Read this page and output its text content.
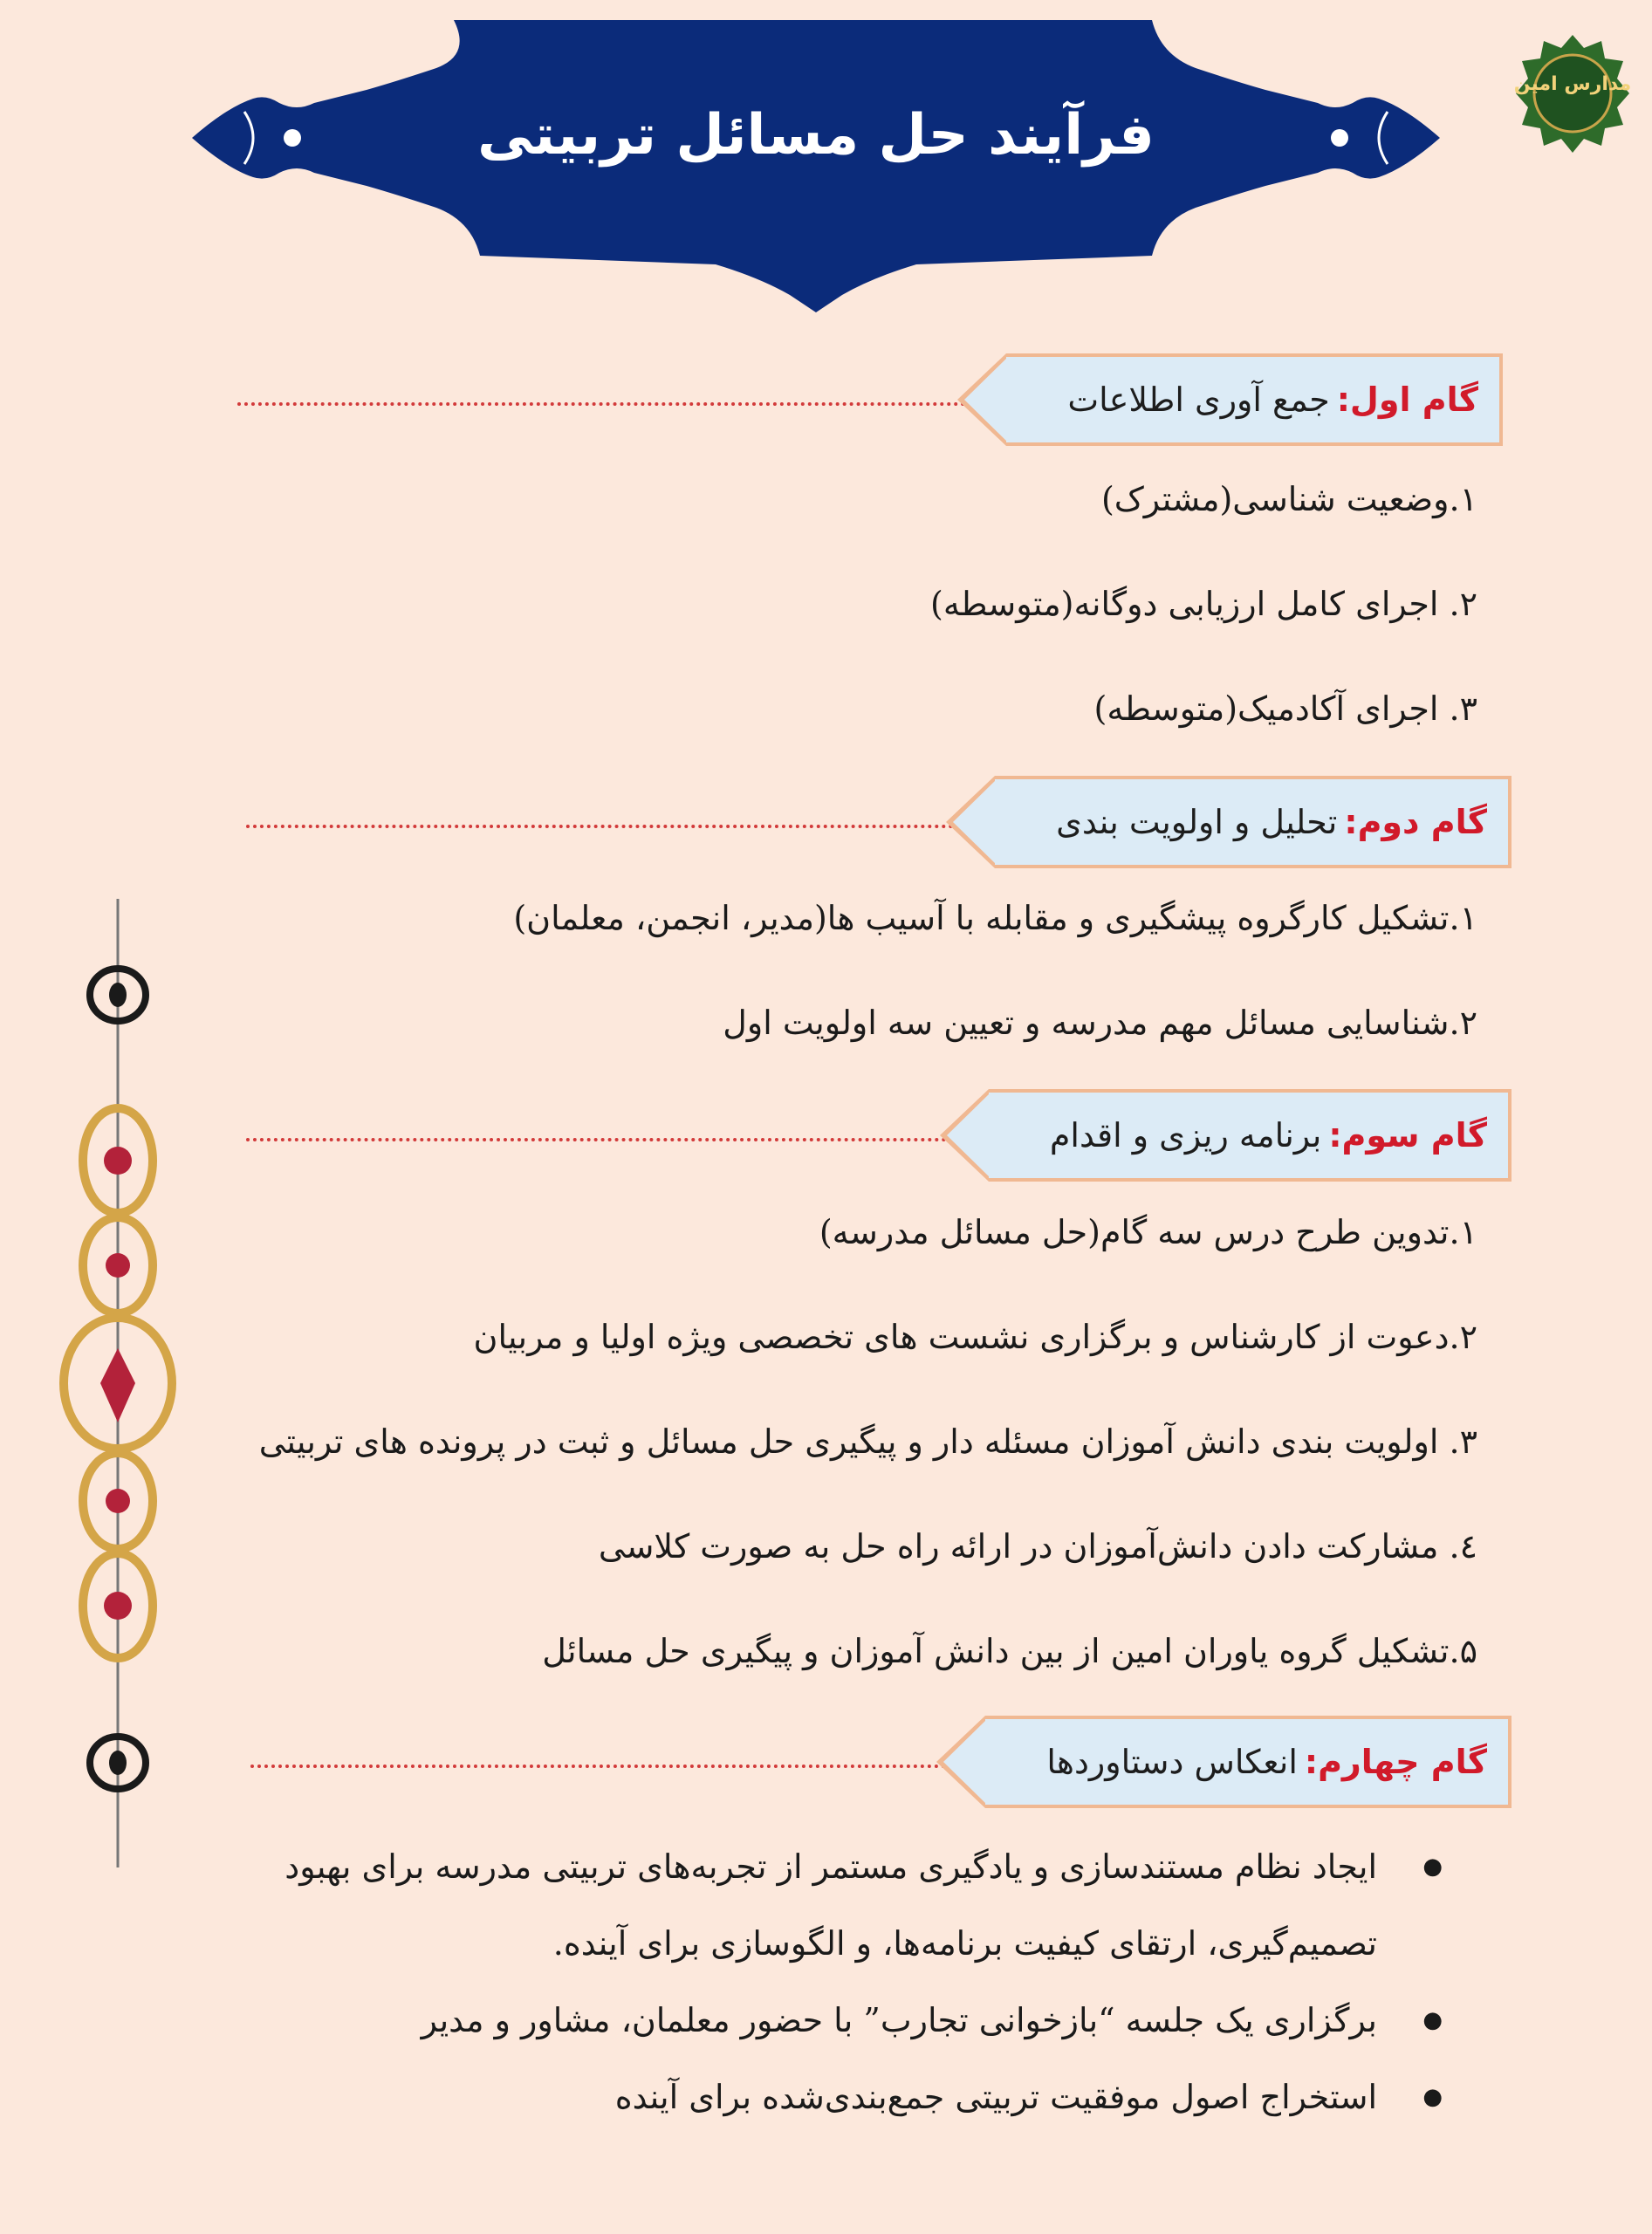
فرآیند حل مسائل تربیتی
مدارس امین
گام اول:
جمع آوری اطلاعات
۱.وضعیت شناسی(مشترک)
۲. اجرای کامل ارزیابی دوگانه(متوسطه)
۳. اجرای آکادمیک(متوسطه)
گام دوم:
تحلیل و اولویت بندی
۱.تشکیل کارگروه پیشگیری و مقابله با آسیب ها(مدیر، انجمن، معلمان)
۲.شناسایی مسائل مهم مدرسه و تعیین سه اولویت اول
گام سوم:
برنامه ریزی و اقدام
۱.تدوین طرح درس سه گام(حل مسائل مدرسه)
۲.دعوت از کارشناس و برگزاری نشست های تخصصی ویژه اولیا و مربیان
۳. اولویت بندی دانش آموزان مسئله دار و پیگیری حل مسائل و ثبت در پرونده های تربیتی
٤. مشارکت دادن دانش‌آموزان در ارائه راه حل به صورت کلاسی
۵.تشکیل گروه یاوران امین از بین دانش آموزان و پیگیری حل مسائل
گام چهارم:
انعکاس دستاوردها
● ایجاد نظام مستندسازی و یادگیری مستمر از تجربه‌های تربیتی مدرسه برای بهبود تصمیم‌گیری، ارتقای کیفیت برنامه‌ها، و الگوسازی برای آینده.
● برگزاری یک جلسه “بازخوانی تجارب” با حضور معلمان، مشاور و مدیر
● استخراج اصول موفقیت تربیتی جمع‌بندی‌شده برای آینده
